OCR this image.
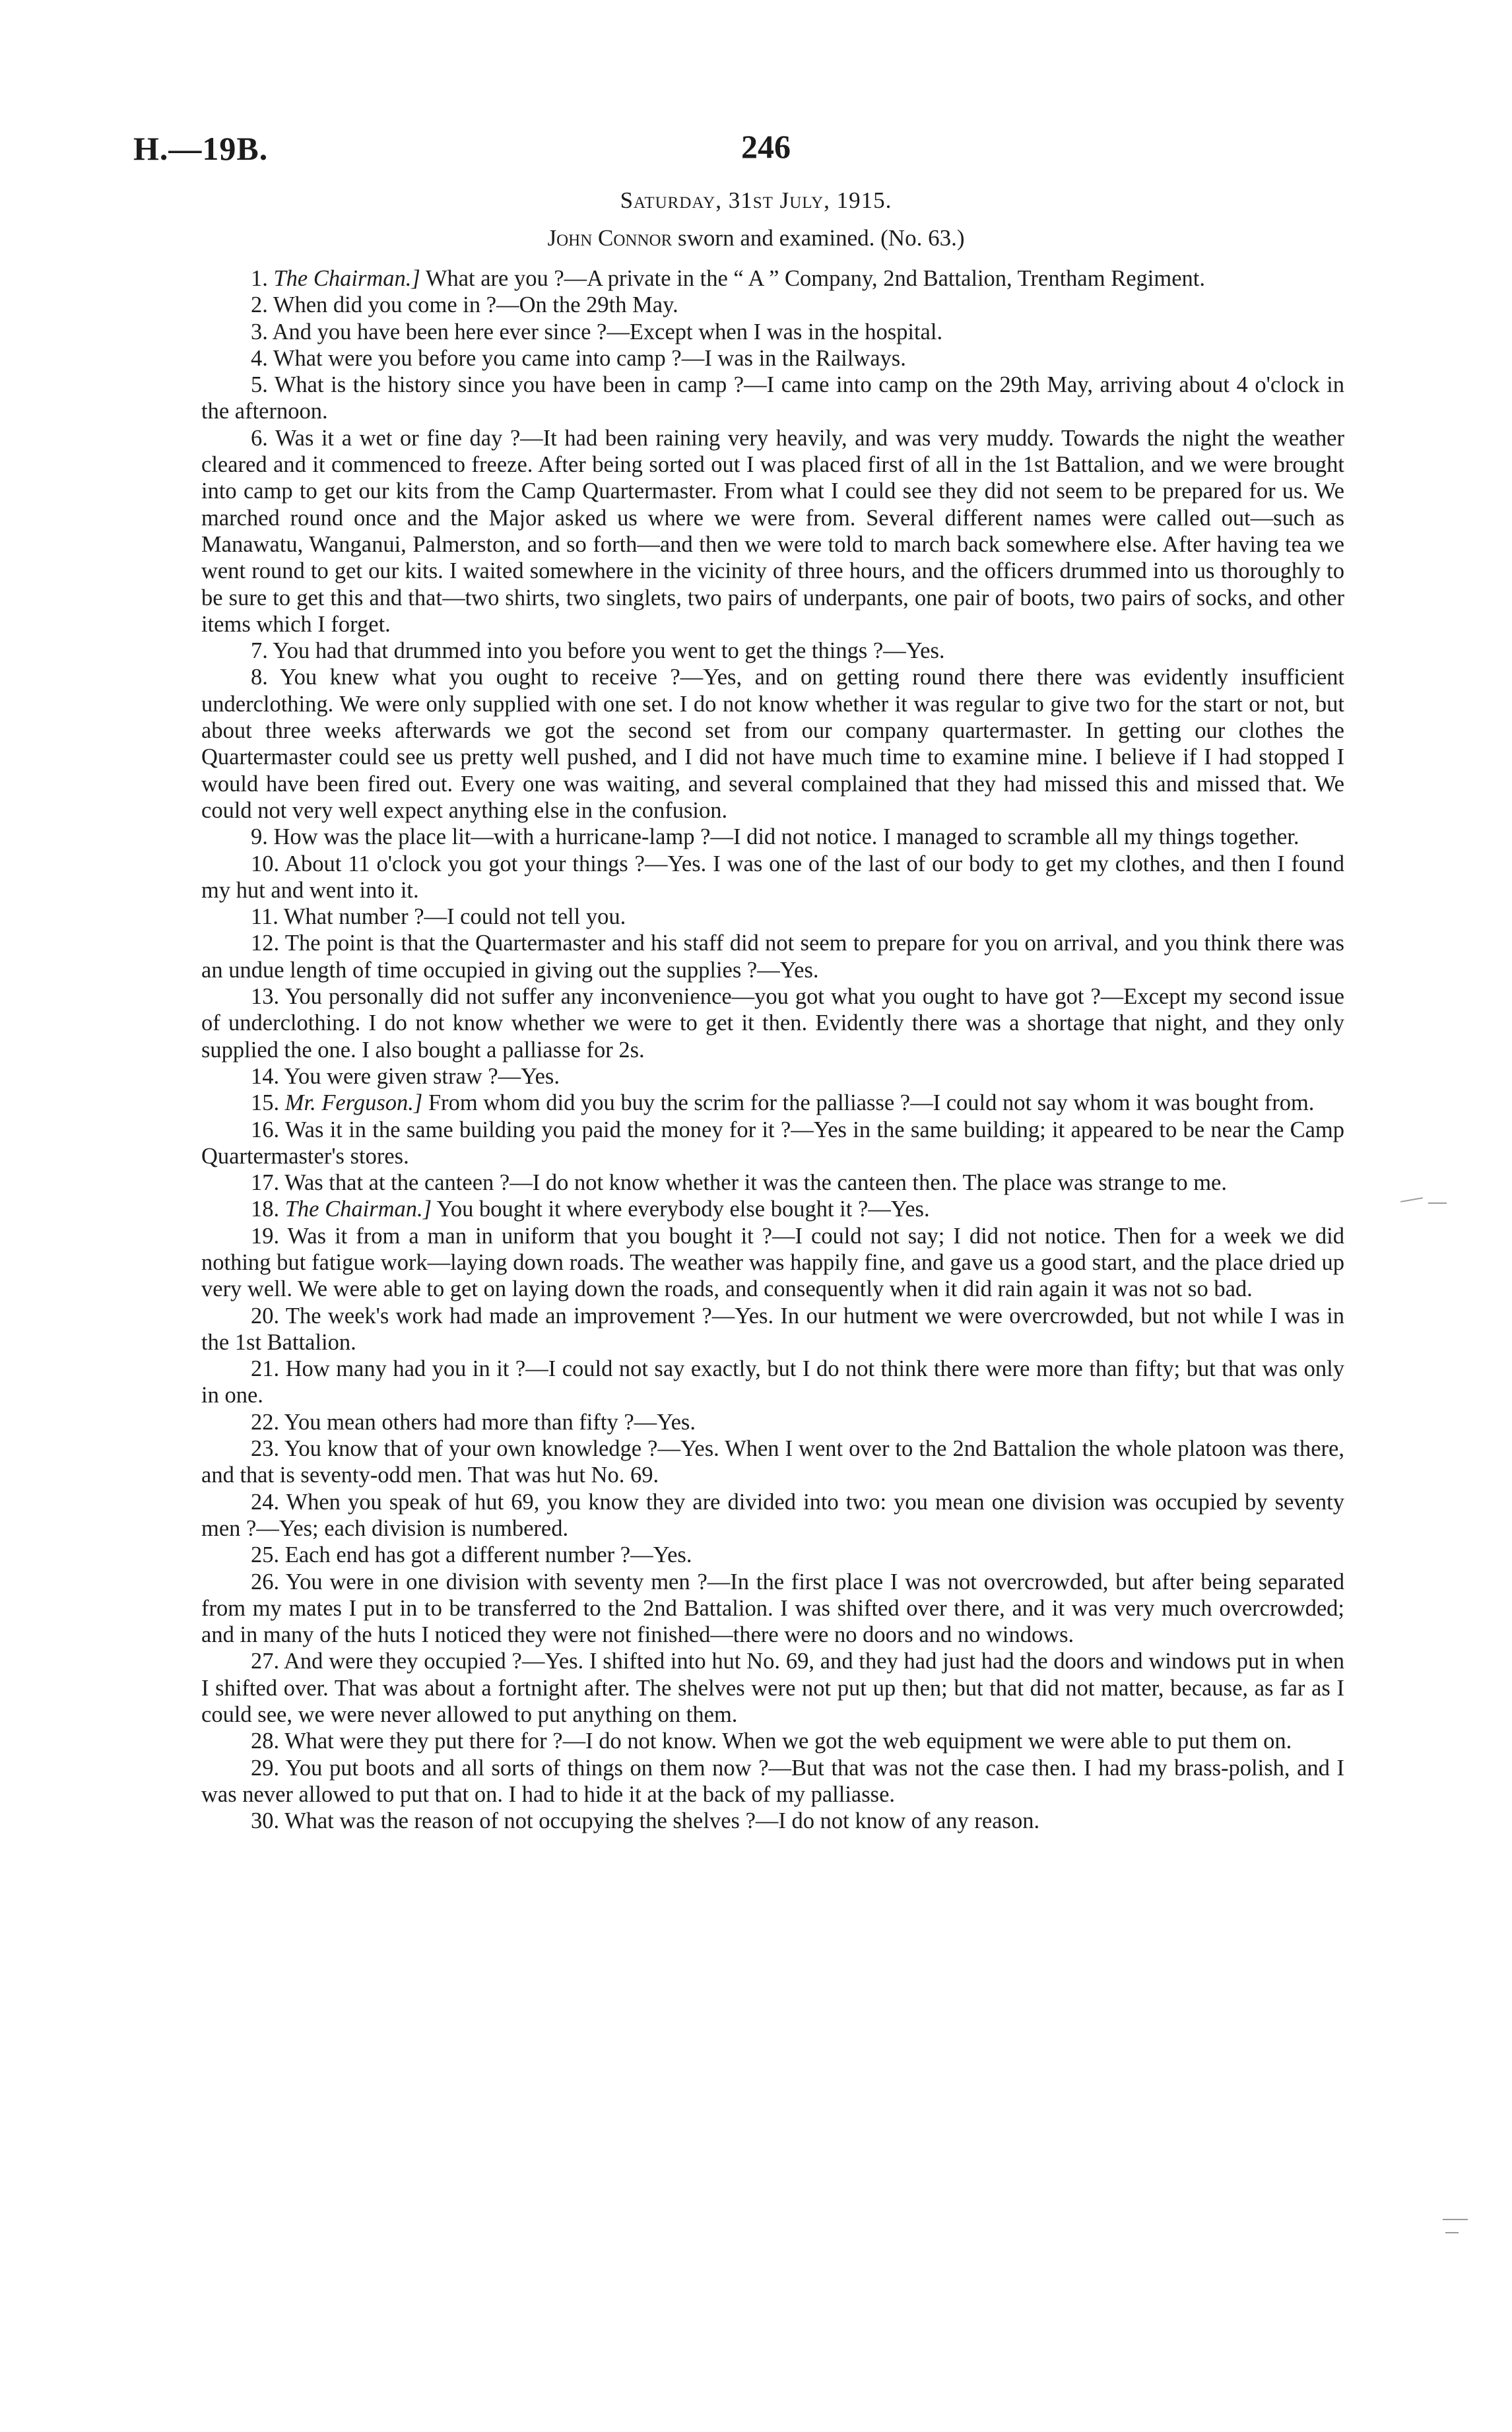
H.—19B.	246
Saturday, 31st July, 1915.
John Connor sworn and examined. (No. 63.)

1. The Chairman.] What are you ?—A private in the “ A ” Company, 2nd Battalion, Trentham Regiment.

2. When did you come in ?—On the 29th May.

3. And you have been here ever since ?—Except when I was in the hospital.

4. What were you before you came into camp ?—I was in the Railways.

5. What is the history since you have been in camp ?—I came into camp on the 29th May, arriving about 4 o'clock in the afternoon.

6. Was it a wet or fine day ?—It had been raining very heavily, and was very muddy. Towards the night the weather cleared and it commenced to freeze. After being sorted out I was placed first of all in the 1st Battalion, and we were brought into camp to get our kits from the Camp Quartermaster. From what I could see they did not seem to be prepared for us. We marched round once and the Major asked us where we were from. Several different names were called out—such as Manawatu, Wanganui, Palmerston, and so forth—and then we were told to march back somewhere else. After having tea we went round to get our kits. I waited somewhere in the vicinity of three hours, and the officers drummed into us thoroughly to be sure to get this and that—two shirts, two singlets, two pairs of underpants, one pair of boots, two pairs of socks, and other items which I forget.

7. You had that drummed into you before you went to get the things ?—Yes.

8. You knew what you ought to receive ?—Yes, and on getting round there there was evidently insufficient underclothing. We were only supplied with one set. I do not know whether it was regular to give two for the start or not, but about three weeks afterwards we got the second set from our company quartermaster. In getting our clothes the Quartermaster could see us pretty well pushed, and I did not have much time to examine mine. I believe if I had stopped I would have been fired out. Every one was waiting, and several complained that they had missed this and missed that. We could not very well expect anything else in the confusion.

9. How was the place lit—with a hurricane-lamp ?—I did not notice. I managed to scramble all my things together.

10. About 11 o'clock you got your things ?—Yes. I was one of the last of our body to get my clothes, and then I found my hut and went into it.

11. What number ?—I could not tell you.

12. The point is that the Quartermaster and his staff did not seem to prepare for you on arrival, and you think there was an undue length of time occupied in giving out the supplies ?—Yes.

13. You personally did not suffer any inconvenience—you got what you ought to have got ?—Except my second issue of underclothing. I do not know whether we were to get it then. Evidently there was a shortage that night, and they only supplied the one. I also bought a palliasse for 2s.

14. You were given straw ?—Yes.

15. Mr. Ferguson.] From whom did you buy the scrim for the palliasse ?—I could not say whom it was bought from.

16. Was it in the same building you paid the money for it ?—Yes in the same building; it appeared to be near the Camp Quartermaster's stores.

17. Was that at the canteen ?—I do not know whether it was the canteen then. The place was strange to me.

18. The Chairman.] You bought it where everybody else bought it ?—Yes.

19. Was it from a man in uniform that you bought it ?—I could not say; I did not notice. Then for a week we did nothing but fatigue work—laying down roads. The weather was happily fine, and gave us a good start, and the place dried up very well. We were able to get on laying down the roads, and consequently when it did rain again it was not so bad.

20. The week's work had made an improvement ?—Yes. In our hutment we were overcrowded, but not while I was in the 1st Battalion.

21. How many had you in it ?—I could not say exactly, but I do not think there were more than fifty; but that was only in one.

22. You mean others had more than fifty ?—Yes.

23. You know that of your own knowledge ?—Yes. When I went over to the 2nd Battalion the whole platoon was there, and that is seventy-odd men. That was hut No. 69.

24. When you speak of hut 69, you know they are divided into two: you mean one division was occupied by seventy men ?—Yes; each division is numbered.

25. Each end has got a different number ?—Yes.

26. You were in one division with seventy men ?—In the first place I was not overcrowded, but after being separated from my mates I put in to be transferred to the 2nd Battalion. I was shifted over there, and it was very much overcrowded; and in many of the huts I noticed they were not finished—there were no doors and no windows.

27. And were they occupied ?—Yes. I shifted into hut No. 69, and they had just had the doors and windows put in when I shifted over. That was about a fortnight after. The shelves were not put up then; but that did not matter, because, as far as I could see, we were never allowed to put anything on them.

28. What were they put there for ?—I do not know. When we got the web equipment we were able to put them on.

29. You put boots and all sorts of things on them now ?—But that was not the case then. I had my brass-polish, and I was never allowed to put that on. I had to hide it at the back of my palliasse.

30. What was the reason of not occupying the shelves ?—I do not know of any reason.
